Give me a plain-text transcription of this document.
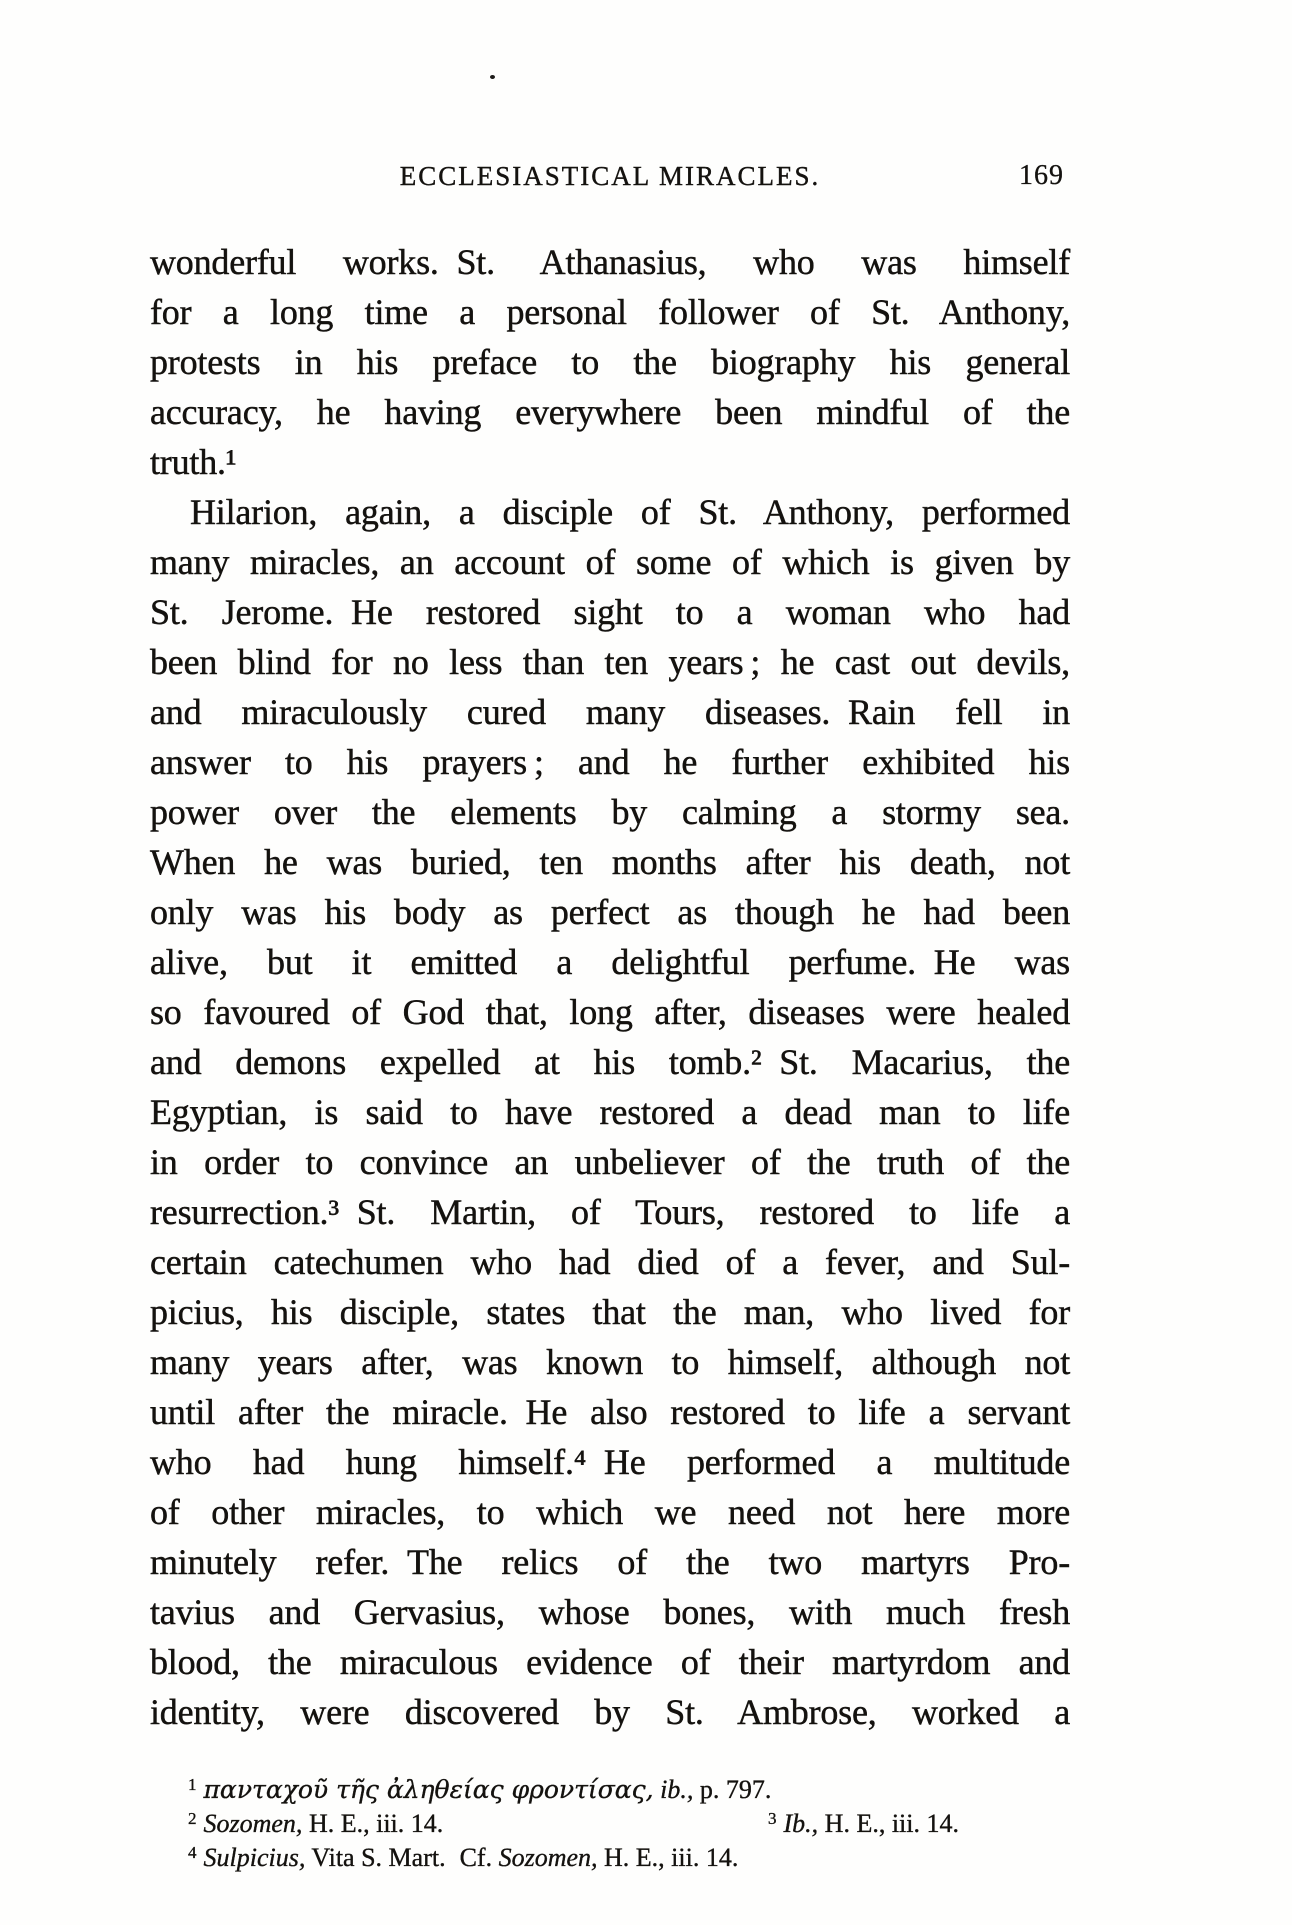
ECCLESIASTICAL MIRACLES.	169
wonderful works. St. Athanasius, who was himself
for a long time a personal follower of St. Anthony,
protests in his preface to the biography his general
accuracy, he having everywhere been mindful of the
truth.¹
Hilarion, again, a disciple of St. Anthony, performed
many miracles, an account of some of which is given by
St. Jerome. He restored sight to a woman who had
been blind for no less than ten years ; he cast out devils,
and miraculously cured many diseases. Rain fell in
answer to his prayers ; and he further exhibited his
power over the elements by calming a stormy sea.
When he was buried, ten months after his death, not
only was his body as perfect as though he had been
alive, but it emitted a delightful perfume. He was
so favoured of God that, long after, diseases were healed
and demons expelled at his tomb.² St. Macarius, the
Egyptian, is said to have restored a dead man to life
in order to convince an unbeliever of the truth of the
resurrection.³ St. Martin, of Tours, restored to life a
certain catechumen who had died of a fever, and Sul-
picius, his disciple, states that the man, who lived for
many years after, was known to himself, although not
until after the miracle. He also restored to life a servant
who had hung himself.⁴ He performed a multitude
of other miracles, to which we need not here more
minutely refer. The relics of the two martyrs Pro-
tavius and Gervasius, whose bones, with much fresh
blood, the miraculous evidence of their martyrdom and
identity, were discovered by St. Ambrose, worked a
1 πανταχοῦ τῆς ἀληθείας φροντίσας, ib., p. 797.
2 Sozomen, H. E., iii. 14.	3 Ib., H. E., iii. 14.
4 Sulpicius, Vita S. Mart. Cf. Sozomen, H. E., iii. 14.
